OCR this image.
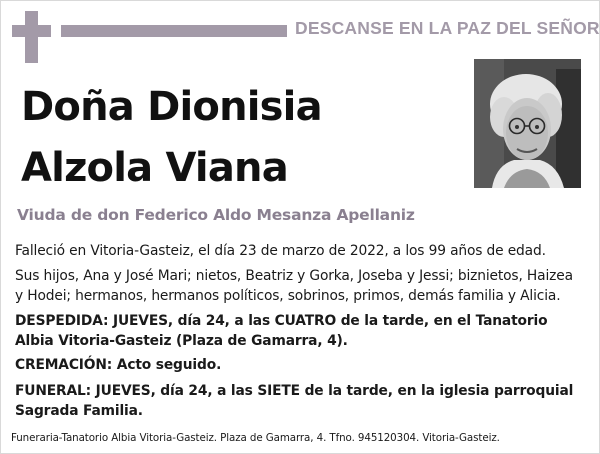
DESCANSE EN LA PAZ DEL SEÑOR
Doña Dionisia
Alzola Viana

Viuda de don Federico Aldo Mesanza Apellaniz

Falleció en Vitoria-Gasteiz, el día 23 de marzo de 2022, a los 99 años de edad.

Sus hijos, Ana y José Mari; nietos, Beatriz y Gorka, Joseba y Jessi; biznietos, Haizea y Hodei; hermanos, hermanos políticos, sobrinos, primos, demás familia y Alicia.

DESPEDIDA: JUEVES, día 24, a las CUATRO de la tarde, en el Tanatorio Albia Vitoria-Gasteiz (Plaza de Gamarra, 4).

CREMACIÓN: Acto seguido.

FUNERAL: JUEVES, día 24, a las SIETE de la tarde, en la iglesia parroquial Sagrada Familia.

Funeraria-Tanatorio Albia Vitoria-Gasteiz. Plaza de Gamarra, 4. Tfno. 945120304. Vitoria-Gasteiz.
